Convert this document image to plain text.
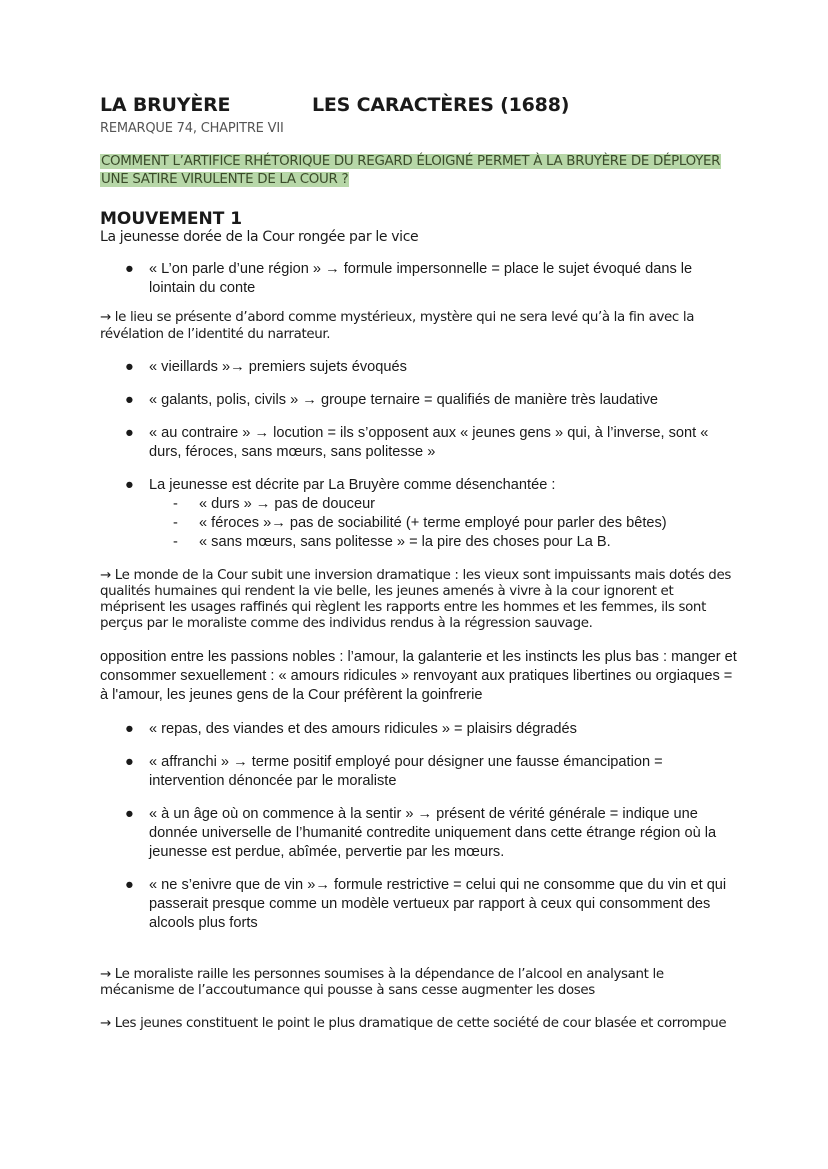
LA BRUYÈRE	LES CARACTÈRES (1688)
REMARQUE 74, CHAPITRE VII
COMMENT L’ARTIFICE RHÉTORIQUE DU REGARD ÉLOIGNÉ PERMET À LA BRUYÈRE DE DÉPLOYER UNE SATIRE VIRULENTE DE LA COUR ?
MOUVEMENT 1
La jeunesse dorée de la Cour rongée par le vice
● « L’on parle d’une région » → formule impersonnelle = place le sujet évoqué dans le lointain du conte
→ le lieu se présente d’abord comme mystérieux, mystère qui ne sera levé qu’à la fin avec la révélation de l’identité du narrateur.
● « vieillards »→ premiers sujets évoqués
● « galants, polis, civils » → groupe ternaire = qualifiés de manière très laudative
● « au contraire » → locution = ils s’opposent aux « jeunes gens » qui, à l’inverse, sont « durs, féroces, sans mœurs, sans politesse »
● La jeunesse est décrite par La Bruyère comme désenchantée :
- « durs » → pas de douceur
- « féroces »→ pas de sociabilité (+ terme employé pour parler des bêtes)
- « sans mœurs, sans politesse » = la pire des choses pour La B.
→ Le monde de la Cour subit une inversion dramatique : les vieux sont impuissants mais dotés des qualités humaines qui rendent la vie belle, les jeunes amenés à vivre à la cour ignorent et méprisent les usages raffinés qui règlent les rapports entre les hommes et les femmes, ils sont perçus par le moraliste comme des individus rendus à la régression sauvage.
opposition entre les passions nobles : l’amour, la galanterie et les instincts les plus bas : manger et consommer sexuellement : « amours ridicules » renvoyant aux pratiques libertines ou orgiaques = à l'amour, les jeunes gens de la Cour préfèrent la goinfrerie
● « repas, des viandes et des amours ridicules » = plaisirs dégradés
● « affranchi » → terme positif employé pour désigner une fausse émancipation = intervention dénoncée par le moraliste
● « à un âge où on commence à la sentir » → présent de vérité générale = indique une donnée universelle de l’humanité contredite uniquement dans cette étrange région où la jeunesse est perdue, abîmée, pervertie par les mœurs.
● « ne s’enivre que de vin »→ formule restrictive = celui qui ne consomme que du vin et qui passerait presque comme un modèle vertueux par rapport à ceux qui consomment des alcools plus forts
→ Le moraliste raille les personnes soumises à la dépendance de l’alcool en analysant le mécanisme de l’accoutumance qui pousse à sans cesse augmenter les doses
→ Les jeunes constituent le point le plus dramatique de cette société de cour blasée et corrompue
